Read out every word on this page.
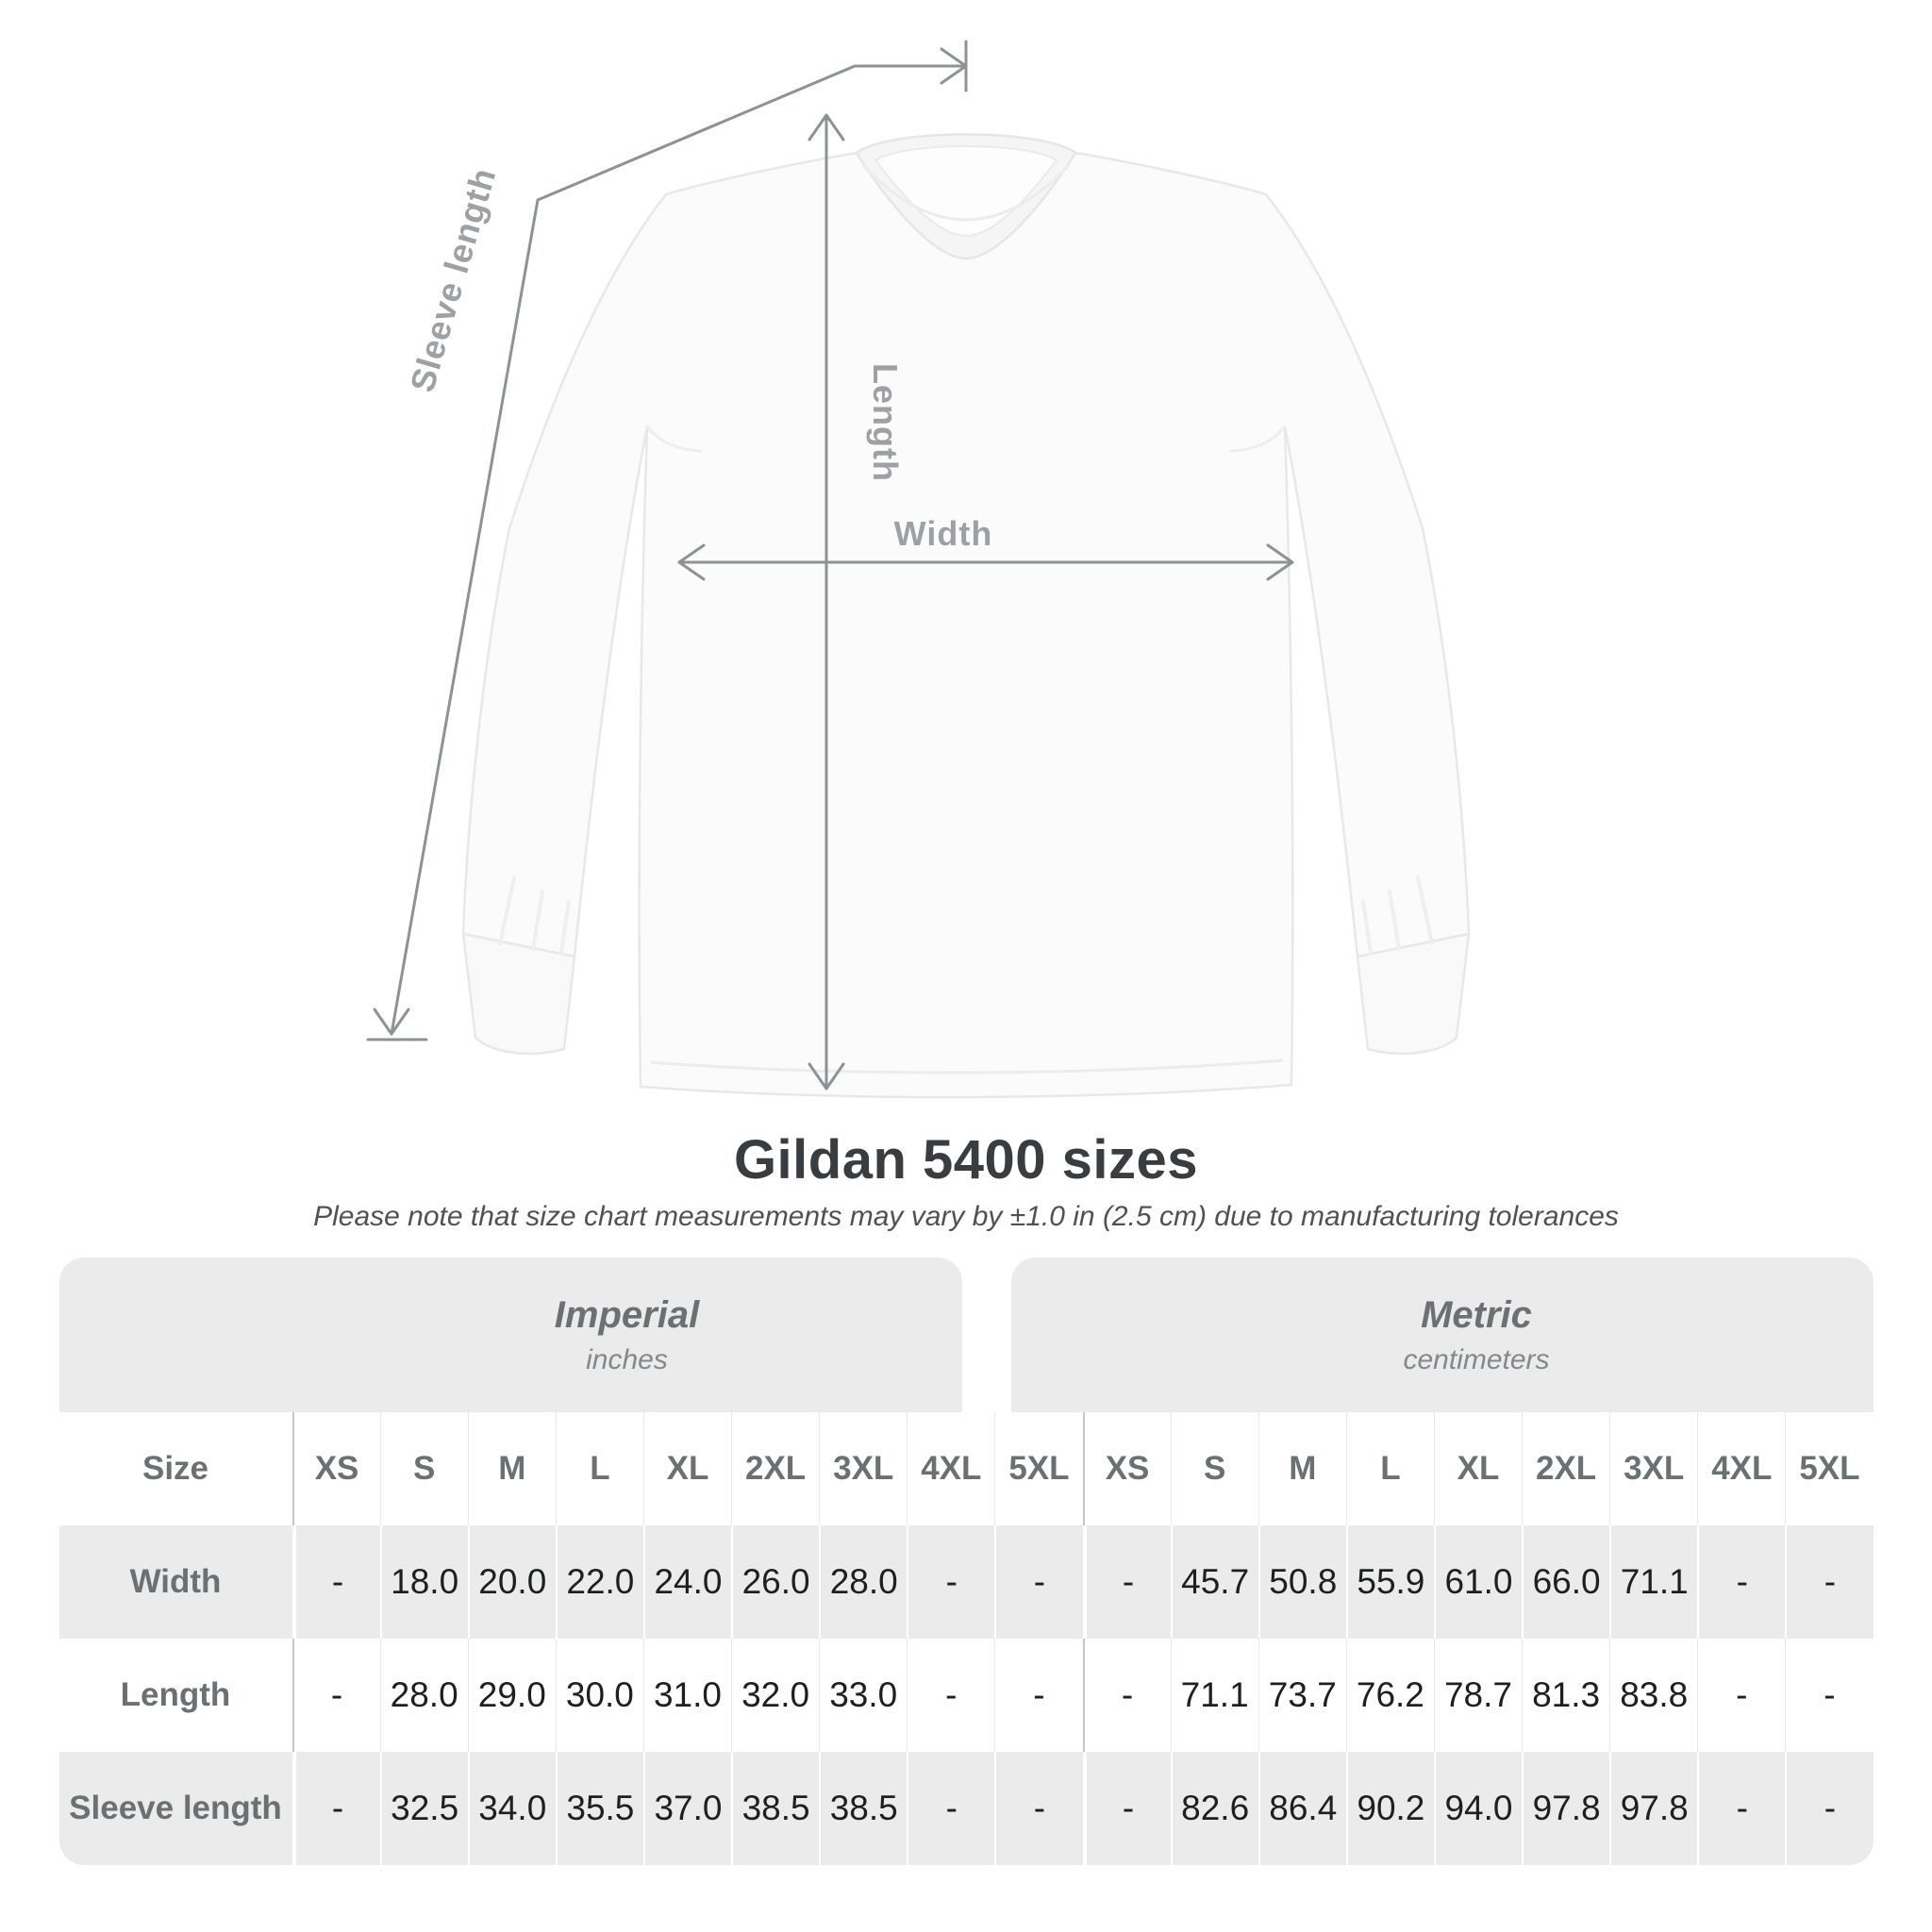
Sleeve length
Length
Width
Gildan 5400 sizes
Please note that size chart measurements may vary by ±1.0 in (2.5 cm) due to manufacturing tolerances
Imperial
inches
Metric
centimeters
Size	XS	S	M	L	XL	2XL 3XL 4XL 5XL	XS	S	M	L	XL	2XL 3XL 4XL 5XL
Width	-	18.0 20.0 22.0 24.0 26.0 28.0	-	-	-	45.7 50.8 55.9 61.0 66.0 71.1	-	-
Length	-	28.0 29.0 30.0 31.0 32.0 33.0	-	-	-	71.1 73.7 76.2 78.7 81.3 83.8	-	-
Sleeve length	-	32.5 34.0 35.5 37.0 38.5 38.5	-	-	-	82.6 86.4 90.2 94.0 97.8 97.8	-	-
